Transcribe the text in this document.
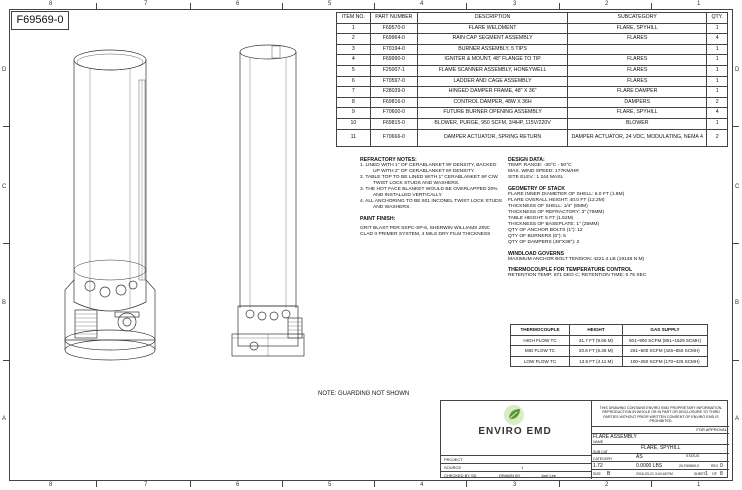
8	7	6	5	4	3	2	1
8	7	6	5	4	3	2	1
D
C
B
A
D
C
B
A
F69569-0	ITEM NO.	PART NUMBER	DESCRIPTION	SUBCATEGORY	QTY.
1	F69570-0	FLARE WELDMENT	FLARE, SPYHILL	1
2	F69964-0	RAIN CAP SEGMENT ASSEMBLY	FLARES	4
3	F70194-0	BURNER ASSEMBLY, 5 TIPS		1
4	F69990-0	IGNITER & MOUNT, 48" FLANGE TO TIP	FLARES	1
5	F25007-1	FLAME SCANNER ASSEMBLY, HONEYWELL	FLARES	1
6	F70597-0	LADDER AND CAGE ASSEMBLY	FLARES	1
7	F28039-0	HINGED DAMPER FRAME, 48" X 36"	FLARE DAMPER	1
8	F69816-0	CONTROL DAMPER, 48W X 36H	DAMPERS	2
9	F70600-0	FUTURE BURNER OPENING ASSEMBLY	FLARE, SPYHILL	4
10	F69815-0	BLOWER, PURGE, 950 SCFM, 3/4HP, 115V/220V	BLOWER	1
11	F70666-0	DAMPER ACTUATOR, SPRING RETURN	DAMPER ACTUATOR, 24 VDC, MODULATING, NEMA 4	2
REFRACTORY NOTES:
1. LINED WITH 1" OF CERABLANKET 8# DENSITY, BACKED UP WITH 2" OF CERABLANKET 6# DENSITY.
2. TABLE TOP TO BE LINED WITH 1" CERABLANKET 8# C/W TWIST LOCK STUDS AND WASHERS.
3. THE HOT FACE BLANKET WOULD BE OVERLAPPED 20% AND INSTALLED VERTICALLY.
4. ALL ANCHORING TO BE 601 INCONEL TWIST LOCK STUDS AND WASHERS.
PAINT FINISH:
GRIT BLAST PER SSPC-SP-6, SHERWIN WILLIAMS ZINC CLAD II PRIMER SYSTEM, 4 MILS DRY FILM THICKNESS
DESIGN DATA:
TEMP. RANGE: -30°C - 50°C
MAX. WIND SPEED: 177KM/HR
SITE ELEV.: 1 244 MASL
GEOMETRY OF STACK
FLARE INNER DIAMETER OF SHELL: 6.0 FT (1.8M)
FLARE OVERALL HEIGHT: 40.0 FT (12.2M)
THICKNESS OF SHELL: 1/4" (6MM)
THICKNESS OF REFRACTORY: 3" (75MM)
TABLE HEIGHT: 5 FT (1.52M)
THICKNESS OF BASEPLATE: 1" (25MM)
QTY OF ANCHOR BOLTS (1"): 12
QTY OF BURNERS (6"): 5
QTY OF DAMPERS (48"X36"): 2
WINDLOAD GOVERNS
MAXIMUM ANCHOR BOLT TENSION: 4221.4 LB (19148 N M)
THERMOCOUPLE FOR TEMPERATURE CONTROL
RETENTION TEMP: 871 DEG C; RETENTION TIME: 0.75 SEC
THERMOCOUPLE	HEIGHT	GAS SUPPLY
HIGH FLOW TC	31.7 FT (9.66 M)	501~900 SCFM (851~1529 SCMH)
MID FLOW TC	20.8 FT (6.35 M)	251~500 SCFM (426~850 SCMH)
LOW FLOW TC	13.5 FT (4.11 M)	100~250 SCFM (170~425 SCMH)
NOTE: GUARDING NOT SHOWN
ENVIRO EMD
PROJECT
SOURCE	1
CHECKED BY SD	DRAWN BY	Joel Lee
THIS DRAWING CONTAINS ENVIRO EMD PROPRIETARY INFORMATION. REPRODUCTION IN WHOLE OR IN PART OR DISCLOSURE TO THIRD PARTIES WITHOUT PRIOR WRITTEN CONSENT OF ENVIRO EMD IS PROHIBITED.
FOR APPROVAL
FLARE ASSEMBLY
NAME
FLARE, SPYHILL
SUB CAT
CATEGORY	AS	STATUS
1.72	0.0000 LBS	20-F69569-0	REV 0
SIZE B	2016-03-21 3:42:48 PM	SHEET 1 OF 8
